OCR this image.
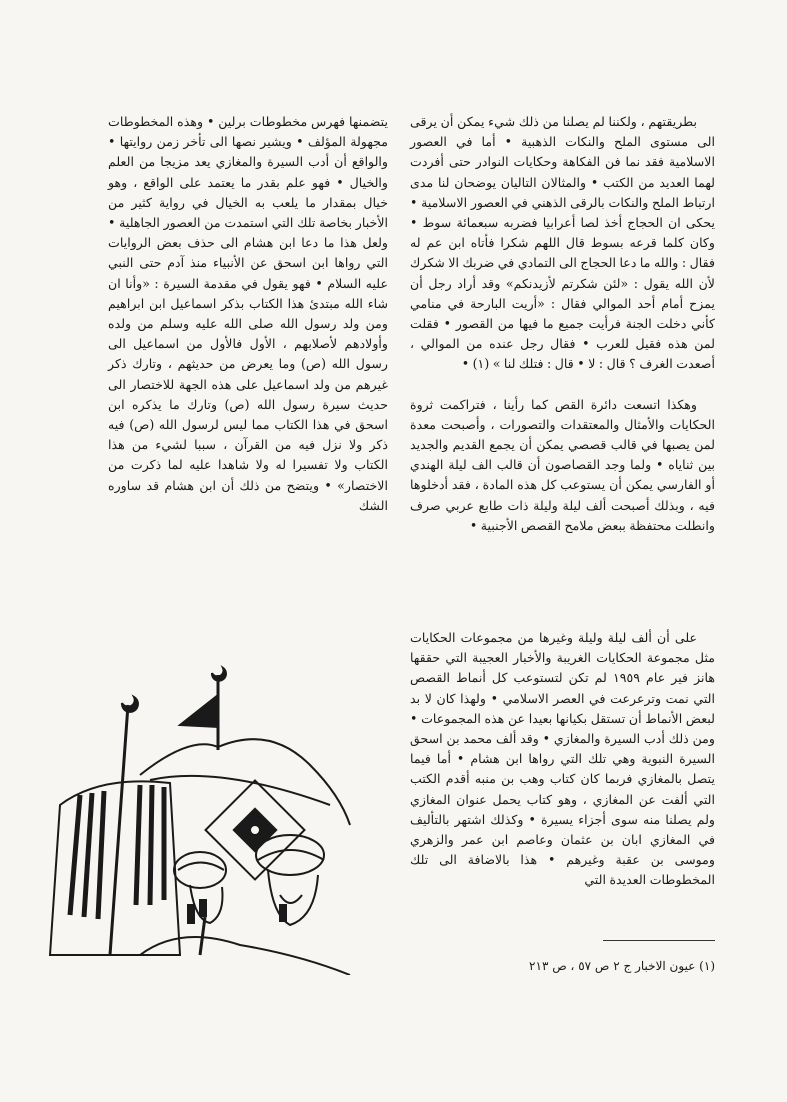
بطريقتهم ، ولكننا لم يصلنا من ذلك شيء يمكن أن يرقى الى مستوى الملح والنكات الذهبية • أما في العصور الاسلامية فقد نما فن الفكاهة وحكايات النوادر حتى أفردت لهما العديد من الكتب • والمثالان التاليان يوضحان لنا مدى ارتباط الملح والنكات بالرقى الذهني في العصور الاسلامية • يحكى ان الحجاج أخذ لصا أعرابيا فضربه سبعمائة سوط • وكان كلما قرعه بسوط قال اللهم شكرا فأتاه ابن عم له فقال : والله ما دعا الحجاج الى التمادي في ضربك الا شكرك لأن الله يقول : «لئن شكرتم لأزيدنكم» وقد أراد رجل أن يمزح أمام أحد الموالي فقال : «أريت البارحة في منامي كأني دخلت الجنة فرأيت جميع ما فيها من القصور • فقلت لمن هذه فقيل للعرب • فقال رجل عنده من الموالي ، أصعدت الغرف ؟ قال : لا • قال : فتلك لنا » (١) •

وهكذا اتسعت دائرة القص كما رأينا ، فتراكمت ثروة الحكايات والأمثال والمعتقدات والتصورات ، وأصبحت معدة لمن يصبها في قالب قصصي يمكن أن يجمع القديم والجديد بين ثناياه • ولما وجد القصاصون أن قالب الف ليلة الهندي أو الفارسي يمكن أن يستوعب كل هذه المادة ، فقد أدخلوها فيه ، وبذلك أصبحت ألف ليلة وليلة ذات طابع عربي صرف وانطلت محتفظة ببعض ملامح القصص الأجنبية •

على أن ألف ليلة وليلة وغيرها من مجموعات الحكايات مثل مجموعة الحكايات الغريبة والأخبار العجيبة التي حققها هانز فير عام ١٩٥٩ لم تكن لتستوعب كل أنماط القصص التي نمت وترعرعت في العصر الاسلامي • ولهذا كان لا بد لبعض الأنماط أن تستقل بكيانها بعيدا عن هذه المجموعات • ومن ذلك أدب السيرة والمغازي • وقد ألف محمد بن اسحق السيرة النبوية وهي تلك التي رواها ابن هشام • أما فيما يتصل بالمغازي فربما كان كتاب وهب بن منبه أقدم الكتب التي ألفت عن المغازي ، وهو كتاب يحمل عنوان المغازي ولم يصلنا منه سوى أجزاء يسيرة • وكذلك اشتهر بالتأليف في المغازي ابان بن عثمان وعاصم ابن عمر والزهري وموسى بن عقبة وغيرهم • هذا بالاضافة الى تلك المخطوطات العديدة التي

يتضمنها فهرس مخطوطات برلين • وهذه المخطوطات مجهولة المؤلف • ويشير نصها الى تأخر زمن روايتها • والواقع أن أدب السيرة والمغازي يعد مزيجا من العلم والخيال • فهو علم بقدر ما يعتمد على الواقع ، وهو خيال بمقدار ما يلعب به الخيال في رواية كثير من الأخبار بخاصة تلك التي استمدت من العصور الجاهلية • ولعل هذا ما دعا ابن هشام الى حذف بعض الروايات التي رواها ابن اسحق عن الأنبياء منذ آدم حتى النبي عليه السلام • فهو يقول في مقدمة السيرة : «وأنا ان شاء الله مبتدئ هذا الكتاب بذكر اسماعيل ابن ابراهيم ومن ولد رسول الله صلى الله عليه وسلم من ولده وأولادهم لأصلابهم ، الأول فالأول من اسماعيل الى رسول الله (ص) وما يعرض من حديثهم ، وتارك ذكر غيرهم من ولد اسماعيل على هذه الجهة للاختصار الى حديث سيرة رسول الله (ص) وتارك ما يذكره ابن اسحق في هذا الكتاب مما ليس لرسول الله (ص) فيه ذكر ولا نزل فيه من القرآن ، سببا لشيء من هذا الكتاب ولا تفسيرا له ولا شاهدا عليه لما ذكرت من الاختصار» • ويتضح من ذلك أن ابن هشام قد ساوره الشك

(١) عيون الاخبار ج ٢ ص ٥٧ ، ص ٢١٣
